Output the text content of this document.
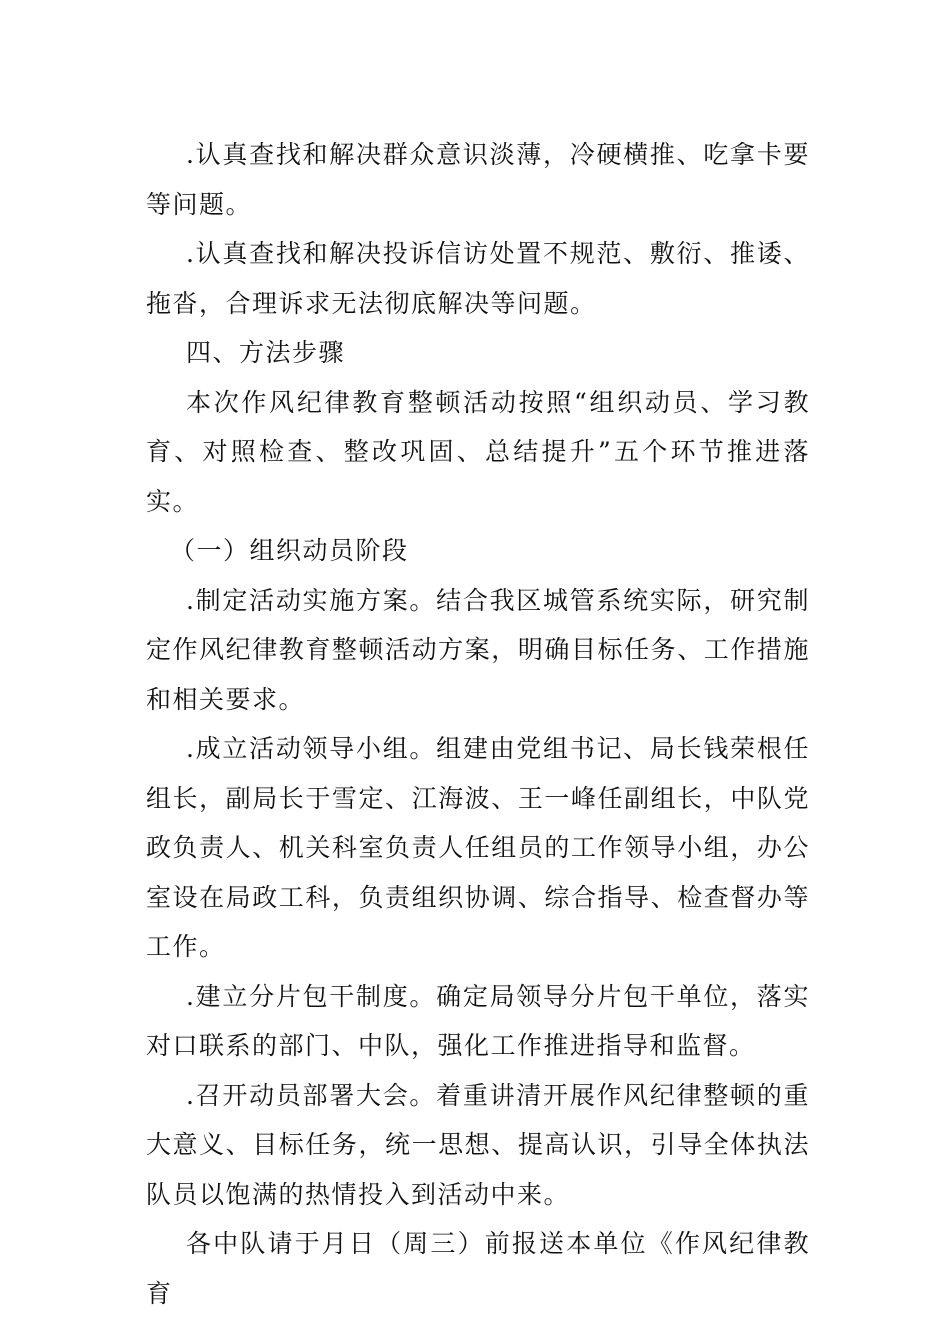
.认真查找和解决群众意识淡薄，冷硬横推、吃拿卡要等问题。

.认真查找和解决投诉信访处置不规范、敷衍、推诿、拖沓，合理诉求无法彻底解决等问题。

四、方法步骤

本次作风纪律教育整顿活动按照“组织动员、学习教育、对照检查、整改巩固、总结提升”五个环节推进落实。

（一）组织动员阶段

.制定活动实施方案。结合我区城管系统实际，研究制定作风纪律教育整顿活动方案，明确目标任务、工作措施和相关要求。

.成立活动领导小组。组建由党组书记、局长钱荣根任组长，副局长于雪定、江海波、王一峰任副组长，中队党政负责人、机关科室负责人任组员的工作领导小组，办公室设在局政工科，负责组织协调、综合指导、检查督办等工作。

.建立分片包干制度。确定局领导分片包干单位，落实对口联系的部门、中队，强化工作推进指导和监督。

.召开动员部署大会。着重讲清开展作风纪律整顿的重大意义、目标任务，统一思想、提高认识，引导全体执法队员以饱满的热情投入到活动中来。

各中队请于月日（周三）前报送本单位《作风纪律教育
